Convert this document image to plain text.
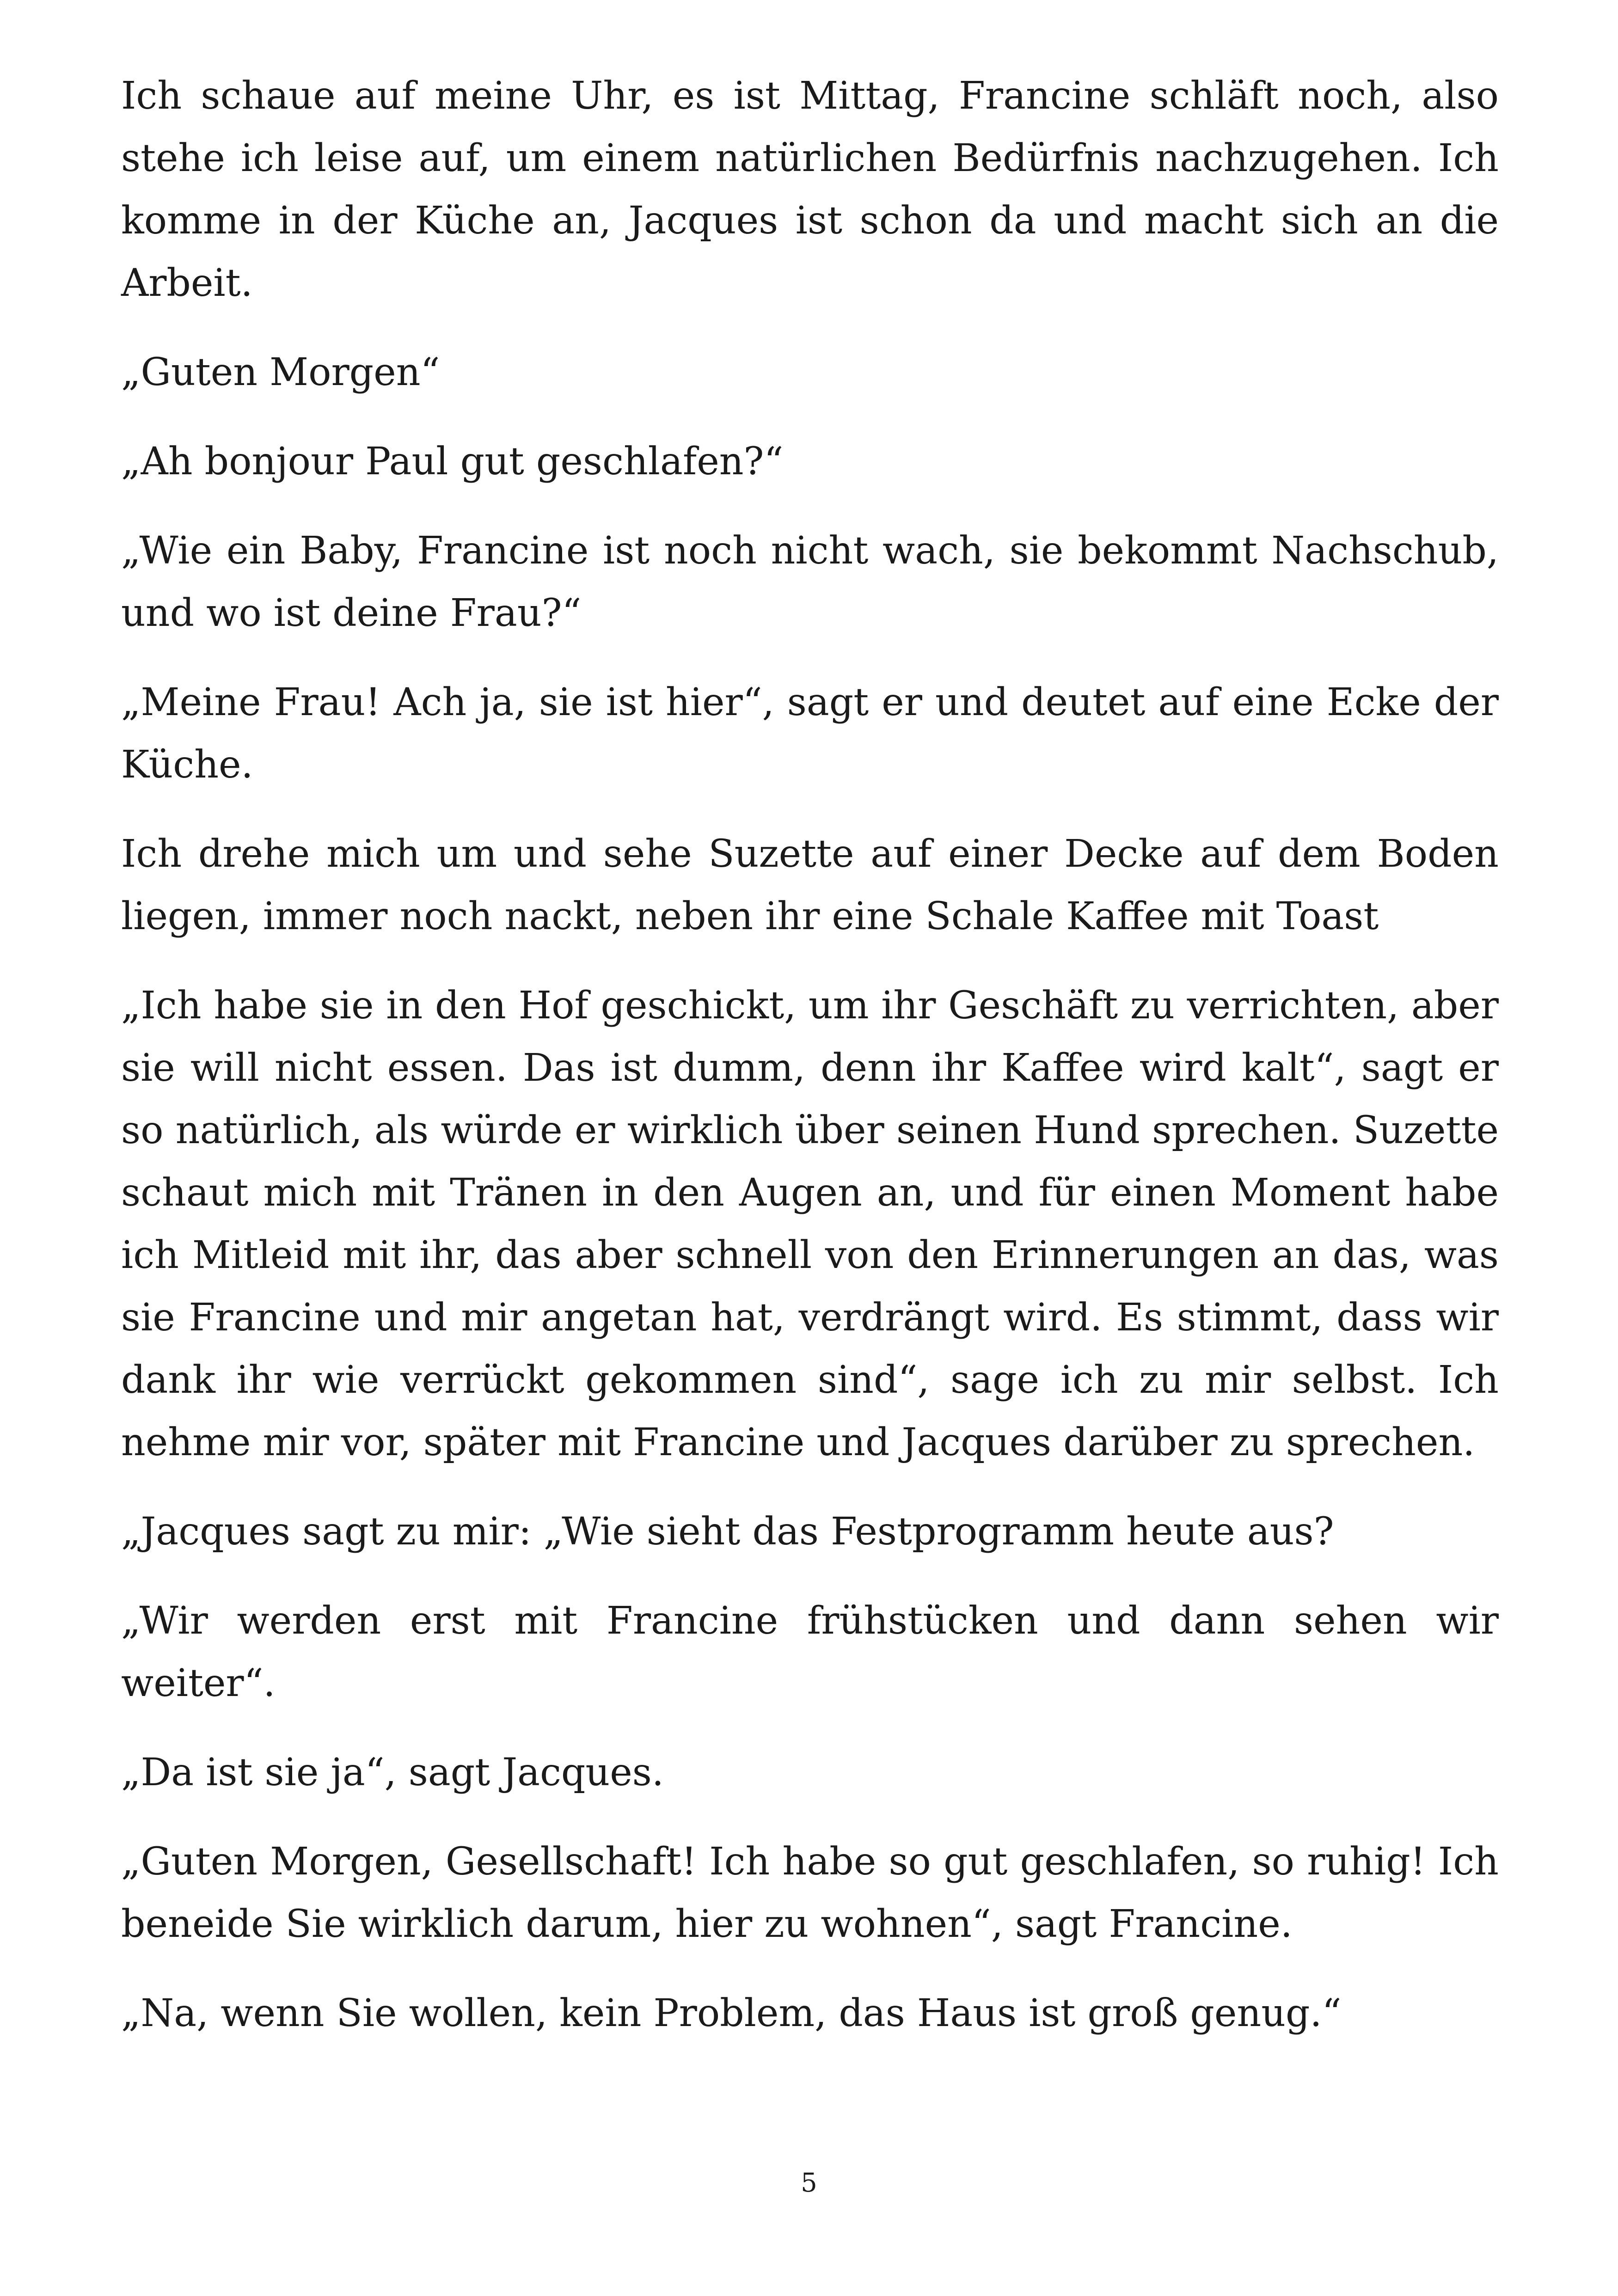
Ich schaue auf meine Uhr, es ist Mittag, Francine schläft noch, also stehe ich leise auf, um einem natürlichen Bedürfnis nachzugehen. Ich komme in der Küche an, Jacques ist schon da und macht sich an die Arbeit.

„Guten Morgen“

„Ah bonjour Paul gut geschlafen?“

„Wie ein Baby, Francine ist noch nicht wach, sie bekommt Nachschub, und wo ist deine Frau?“

„Meine Frau! Ach ja, sie ist hier“, sagt er und deutet auf eine Ecke der Küche.

Ich drehe mich um und sehe Suzette auf einer Decke auf dem Boden liegen, immer noch nackt, neben ihr eine Schale Kaffee mit Toast

„Ich habe sie in den Hof geschickt, um ihr Geschäft zu verrichten, aber sie will nicht essen. Das ist dumm, denn ihr Kaffee wird kalt“, sagt er so natürlich, als würde er wirklich über seinen Hund sprechen. Suzette schaut mich mit Tränen in den Augen an, und für einen Moment habe ich Mitleid mit ihr, das aber schnell von den Erinnerungen an das, was sie Francine und mir angetan hat, verdrängt wird. Es stimmt, dass wir dank ihr wie verrückt gekommen sind“, sage ich zu mir selbst. Ich nehme mir vor, später mit Francine und Jacques darüber zu sprechen.

„Jacques sagt zu mir: „Wie sieht das Festprogramm heute aus?

„Wir werden erst mit Francine frühstücken und dann sehen wir weiter“.

„Da ist sie ja“, sagt Jacques.

„Guten Morgen, Gesellschaft! Ich habe so gut geschlafen, so ruhig! Ich beneide Sie wirklich darum, hier zu wohnen“, sagt Francine.

„Na, wenn Sie wollen, kein Problem, das Haus ist groß genug.“

5
